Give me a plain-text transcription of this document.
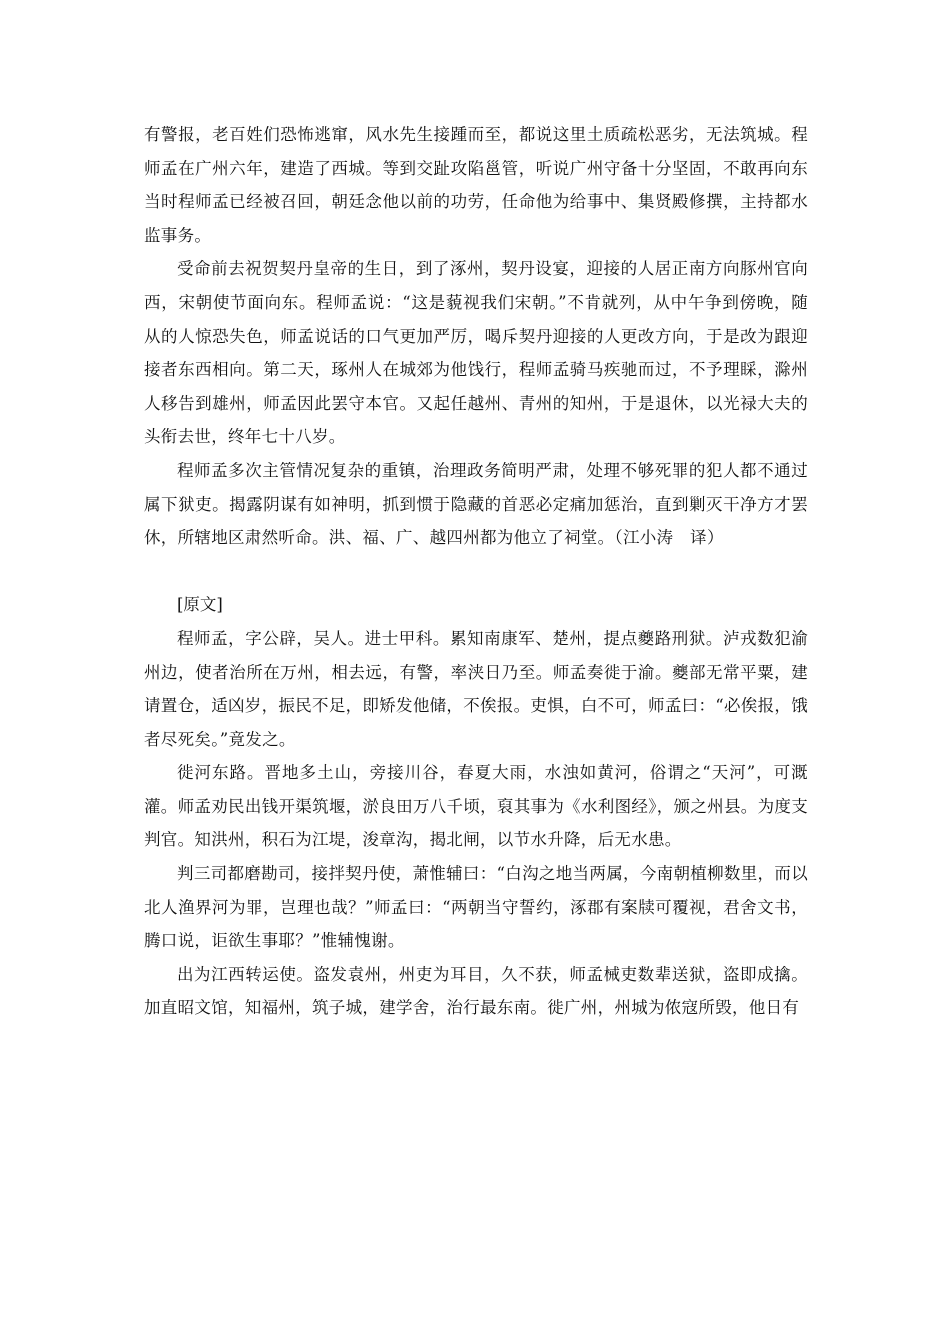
有警报，老百姓们恐怖逃窜，风水先生接踵而至，都说这里土质疏松恶劣，无法筑城。程师孟在广州六年，建造了西城。等到交趾攻陷邕管，听说广州守备十分坚固，不敢再向东当时程师孟已经被召回，朝廷念他以前的功劳，任命他为给事中、集贤殿修撰，主持都水监事务。

受命前去祝贺契丹皇帝的生日，到了涿州，契丹设宴，迎接的人居正南方向豚州官向西，宋朝使节面向东。程师孟说：“这是藐视我们宋朝。”不肯就列，从中午争到傍晚，随从的人惊恐失色，师孟说话的口气更加严厉，喝斥契丹迎接的人更改方向，于是改为跟迎接者东西相向。第二天，琢州人在城郊为他饯行，程师孟骑马疾驰而过，不予理睬，滁州人移告到雄州，师孟因此罢守本官。又起任越州、青州的知州，于是退休，以光禄大夫的头衔去世，终年七十八岁。

程师孟多次主管情况复杂的重镇，治理政务简明严肃，处理不够死罪的犯人都不通过属下狱吏。揭露阴谋有如神明，抓到惯于隐藏的首恶必定痛加惩治，直到剿灭干净方才罢休，所辖地区肃然听命。洪、福、广、越四州都为他立了祠堂。（江小涛　译）

[原文]

程师孟，字公辟，吴人。进士甲科。累知南康军、楚州，提点夔路刑狱。泸戎数犯渝州边，使者治所在万州，相去远，有警，率浃日乃至。师孟奏徙于渝。夔部无常平粟，建请置仓，适凶岁，振民不足，即矫发他储，不俟报。吏惧，白不可，师孟曰：“必俟报，饿者尽死矣。”竟发之。

徙河东路。晋地多土山，旁接川谷，春夏大雨，水浊如黄河，俗谓之“天河”，可溉灌。师孟劝民出钱开渠筑堰，淤良田万八千顷，裒其事为《水利图经》，颁之州县。为度支判官。知洪州，积石为江堤，浚章沟，揭北闸，以节水升降，后无水患。

判三司都磨勘司，接拌契丹使，萧惟辅曰：“白沟之地当两属，今南朝植柳数里，而以北人渔界河为罪，岂理也哉？”师孟曰：“两朝当守誓约，涿郡有案牍可覆视，君舍文书，腾口说，讵欲生事耶？”惟辅愧谢。

出为江西转运使。盗发袁州，州吏为耳目，久不获，师孟械吏数辈送狱，盗即成擒。加直昭文馆，知福州，筑子城，建学舍，治行最东南。徙广州，州城为侬寇所毁，他日有
